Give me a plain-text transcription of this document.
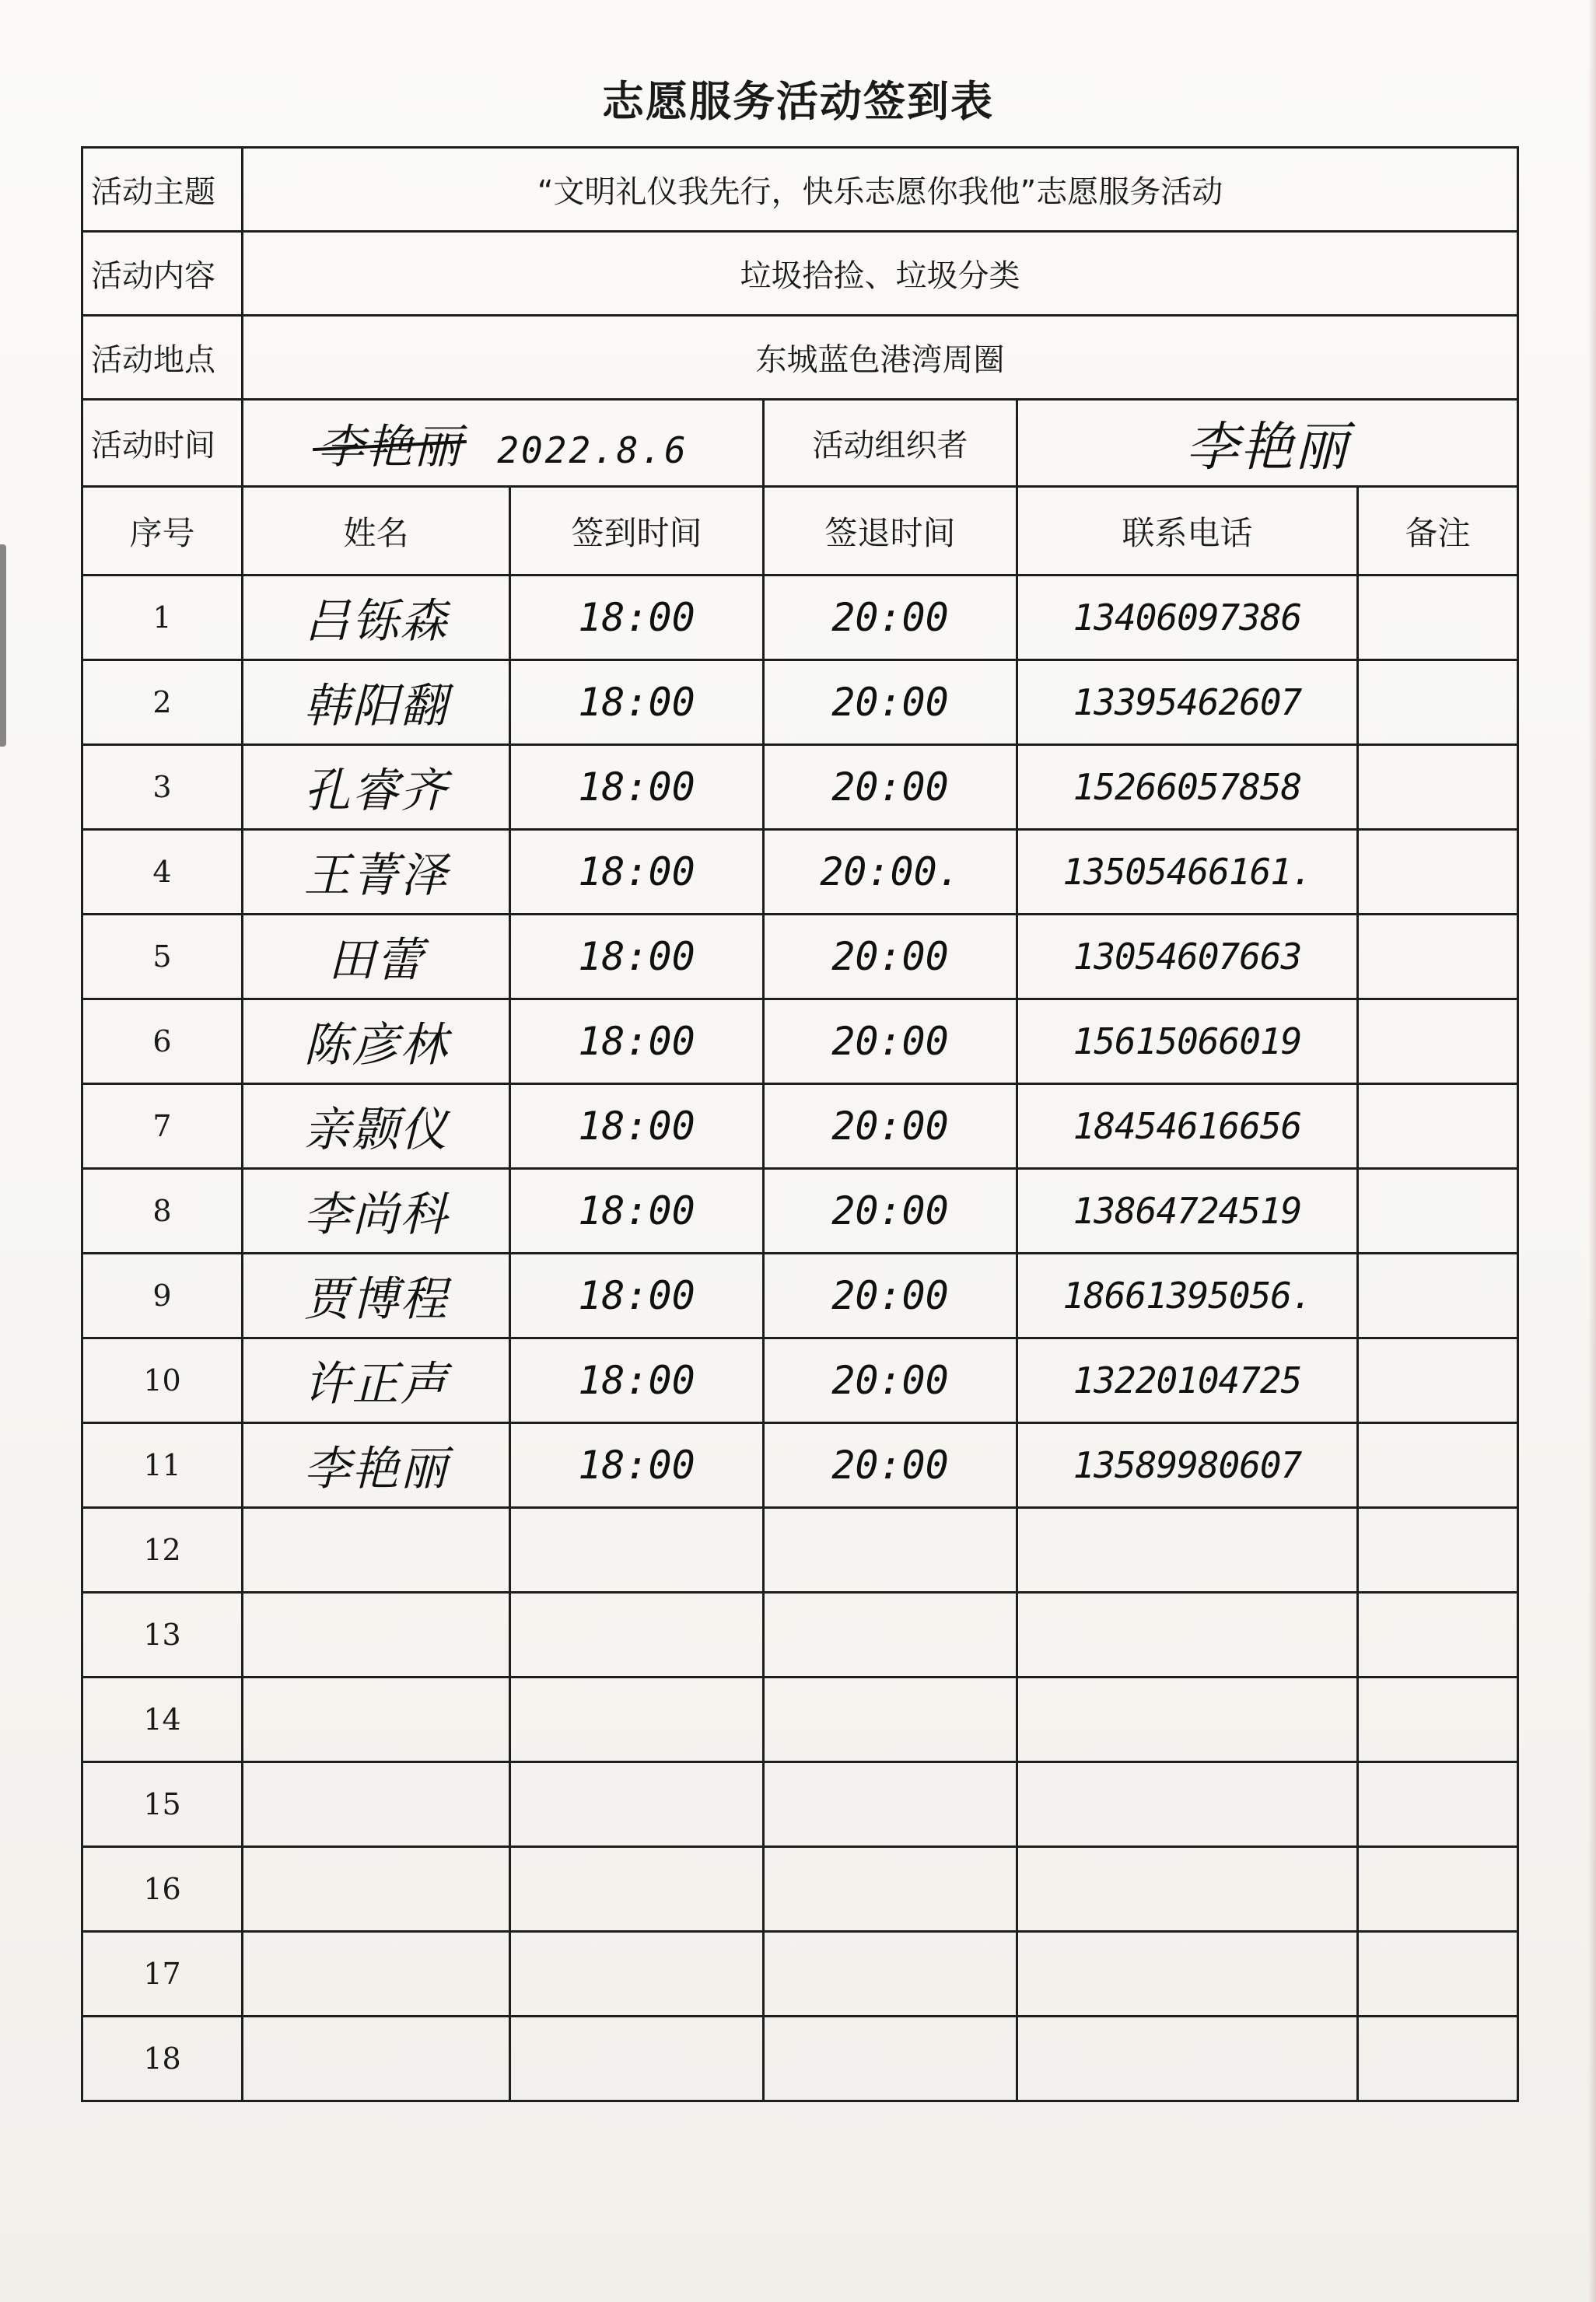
志愿服务活动签到表
活动主题	“文明礼仪我先行，快乐志愿你我他”志愿服务活动				
活动内容	垃圾拾捡、垃圾分类				
活动地点	东城蓝色港湾周圈				
活动时间	李艳丽 2022.8.6		活动组织者	李艳丽	
序号	姓名	签到时间	签退时间	联系电话	备注
1	吕铄森	18:00	20:00	13406097386	
2	韩阳翻	18:00	20:00	13395462607	
3	孔睿齐	18:00	20:00	15266057858	
4	王菁泽	18:00	20:00.	13505466161.	
5	田蕾	18:00	20:00	13054607663	
6	陈彦林	18:00	20:00	15615066019	
7	亲颢仪	18:00	20:00	18454616656	
8	李尚科	18:00	20:00	13864724519	
9	贾博程	18:00	20:00	18661395056.	
10	许正声	18:00	20:00	13220104725	
11	李艳丽	18:00	20:00	13589980607	
12					
13					
14					
15					
16					
17					
18					
